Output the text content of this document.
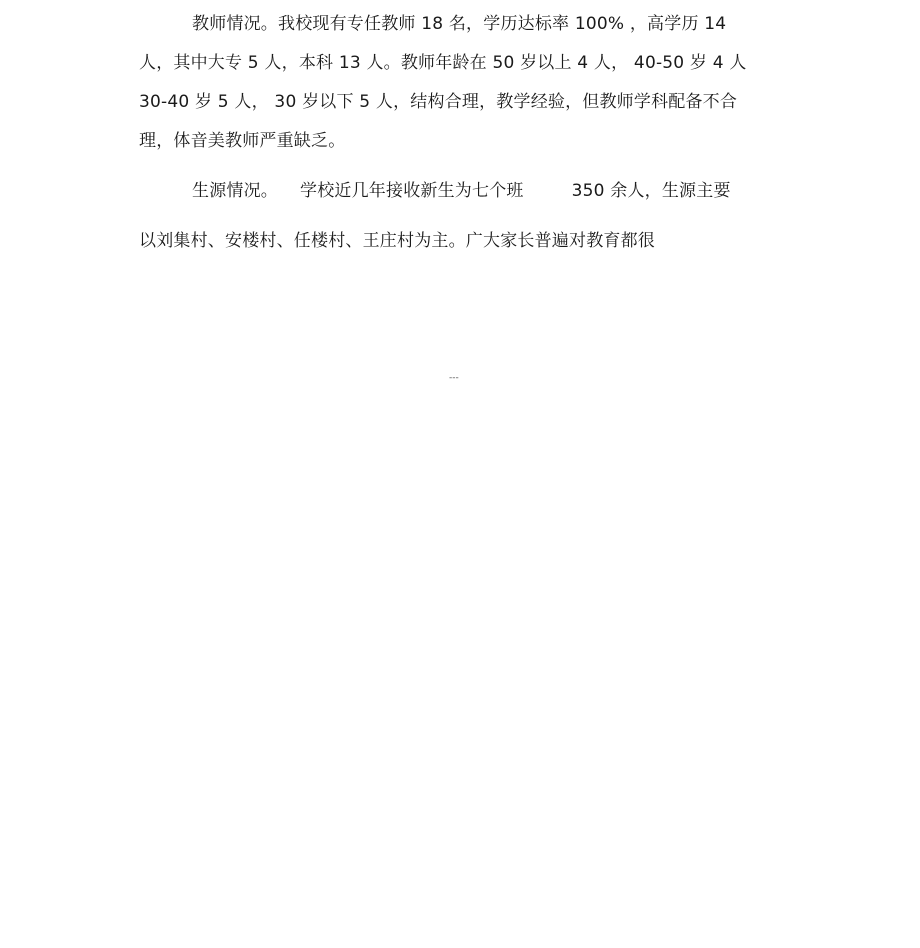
教师情况。我校现有专任教师 18 名，学历达标率 100% ，高学历 14
人，其中大专 5 人，本科 13 人。教师年龄在 50 岁以上 4 人， 40-50 岁 4 人
30-40 岁 5 人， 30 岁以下 5 人，结构合理，教学经验，但教师学科配备不合
理，体音美教师严重缺乏。
生源情况。 学校近几年接收新生为七个班	350 余人，生源主要
以刘集村、安楼村、任楼村、王庄村为主。广大家长普遍对教育都很
---
